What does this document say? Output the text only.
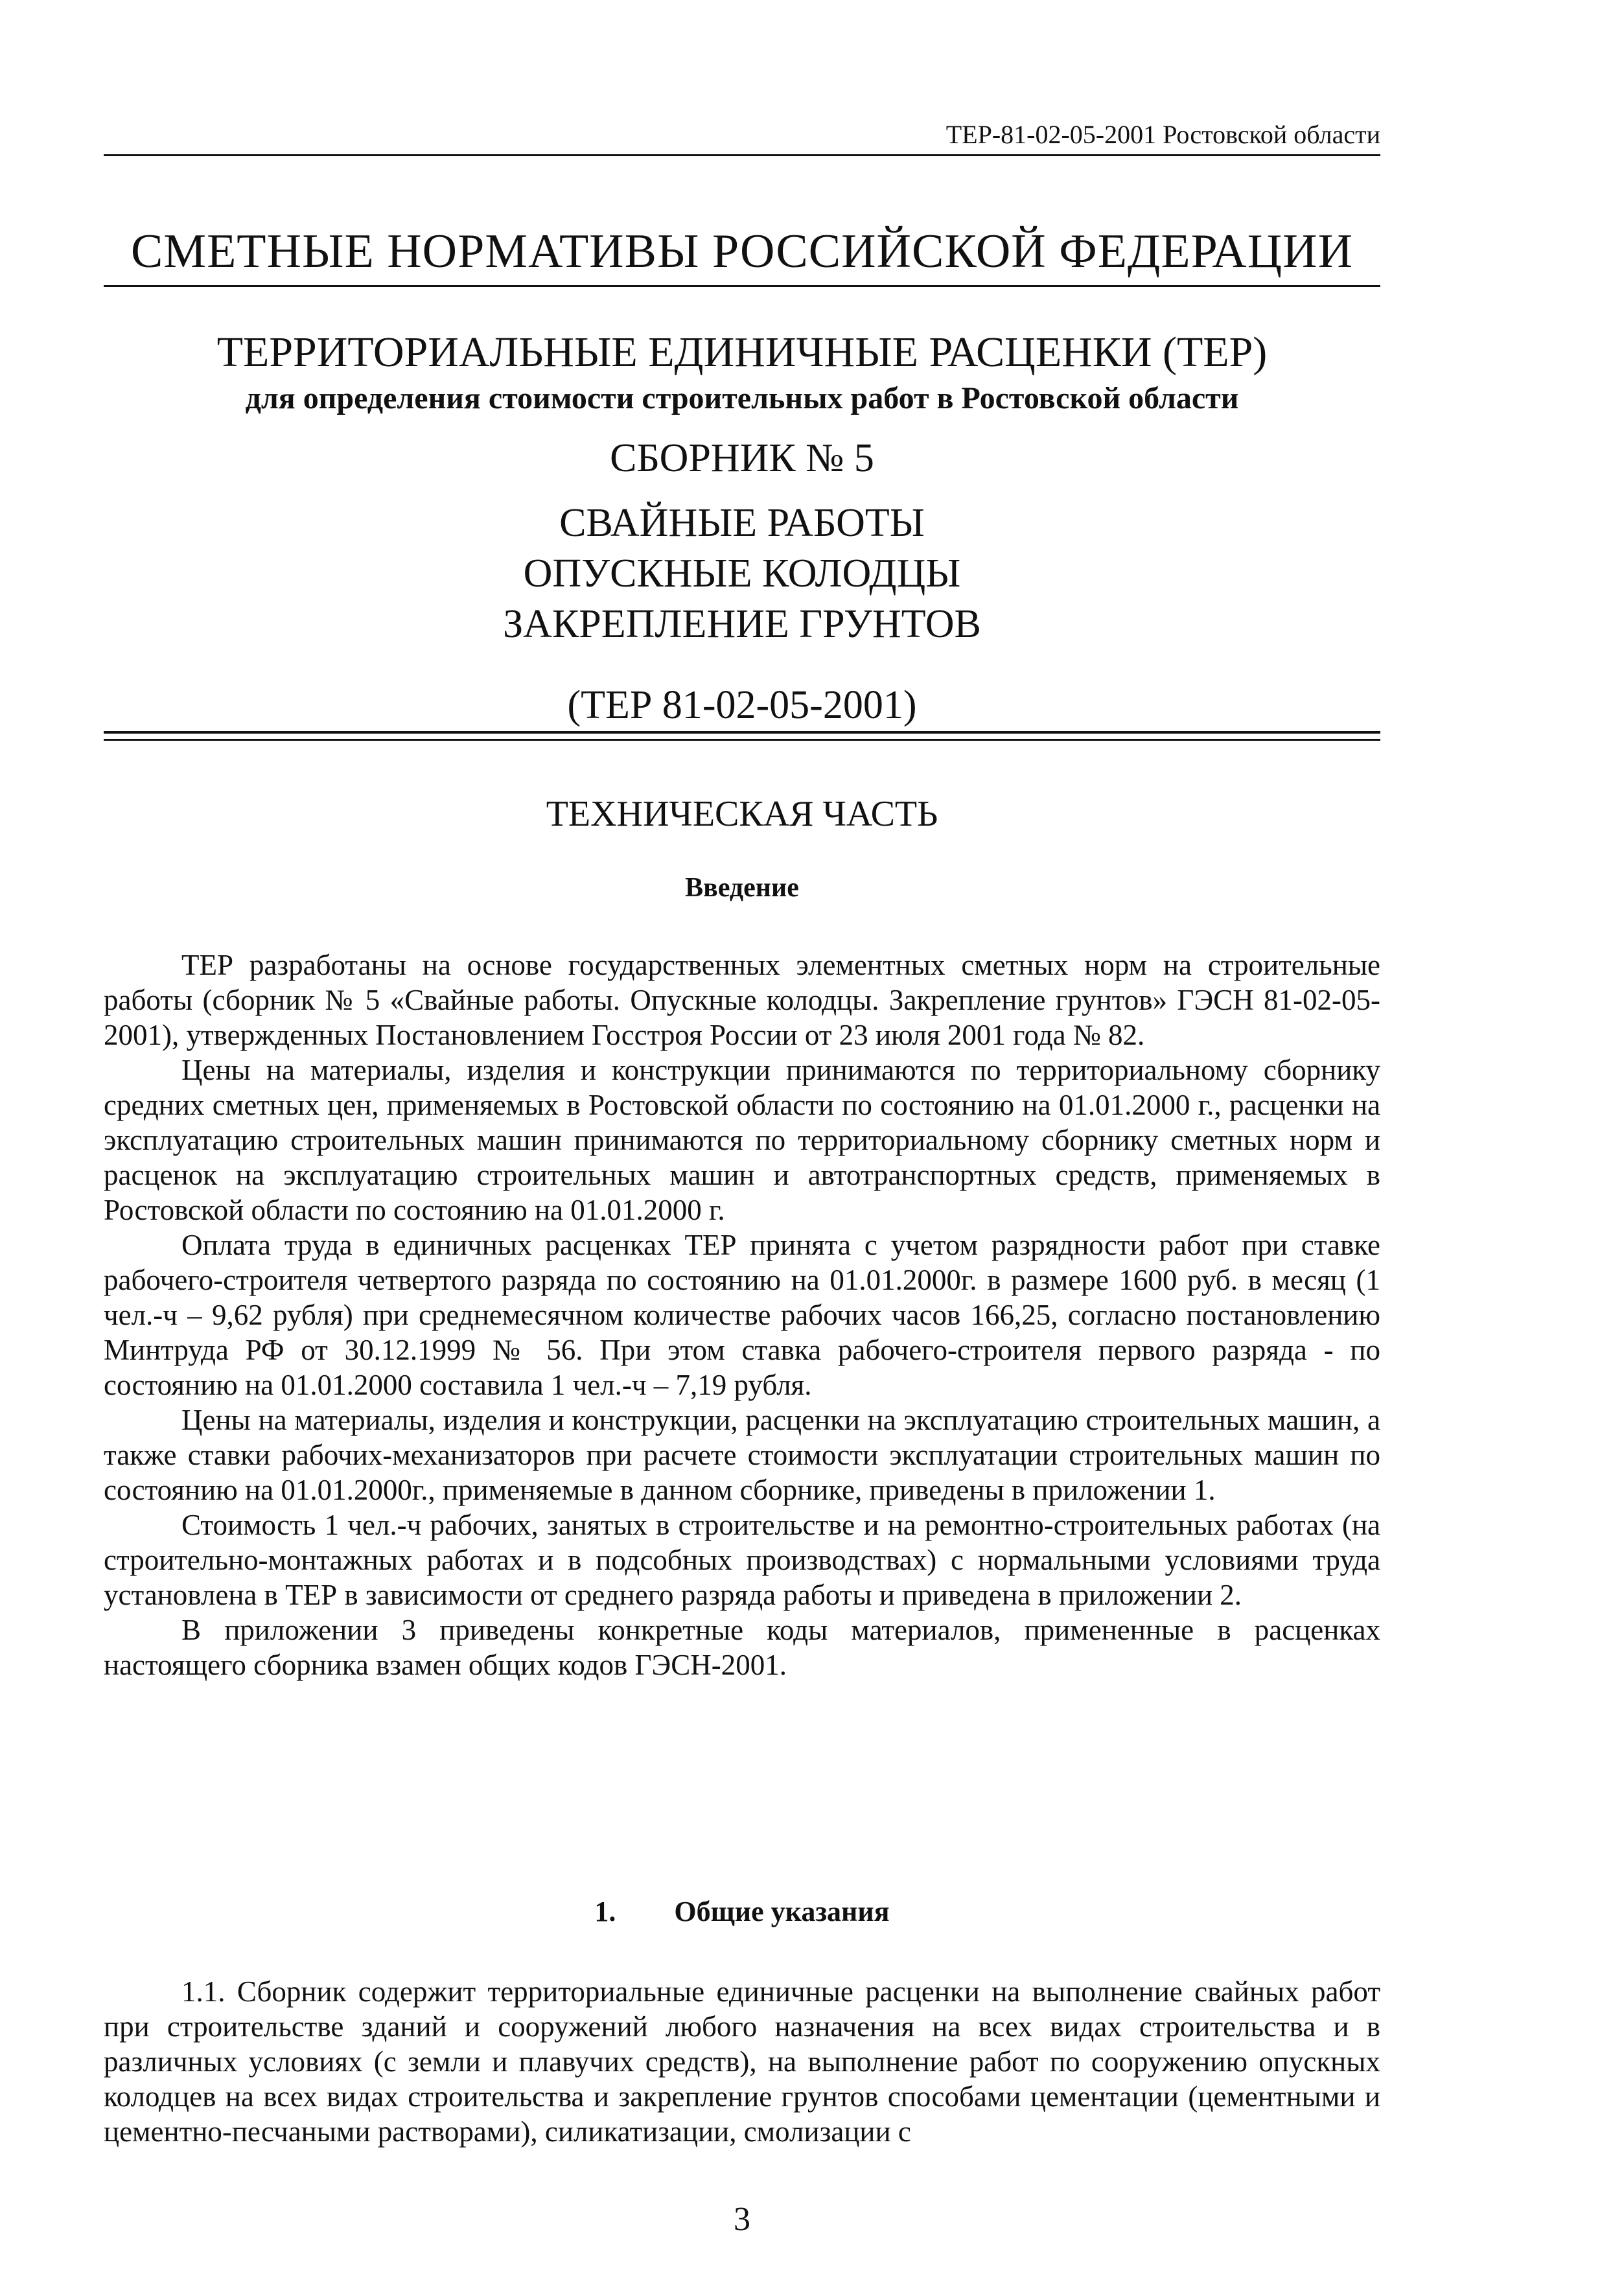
ТЕР-81-02-05-2001 Ростовской области
СМЕТНЫЕ НОРМАТИВЫ РОССИЙСКОЙ ФЕДЕРАЦИИ
ТЕРРИТОРИАЛЬНЫЕ ЕДИНИЧНЫЕ РАСЦЕНКИ (ТЕР)
для определения стоимости строительных работ в Ростовской области
СБОРНИК № 5
СВАЙНЫЕ РАБОТЫ
ОПУСКНЫЕ КОЛОДЦЫ
ЗАКРЕПЛЕНИЕ ГРУНТОВ
(ТЕР 81-02-05-2001)
ТЕХНИЧЕСКАЯ ЧАСТЬ
Введение

ТЕР разработаны на основе государственных элементных сметных норм на строительные работы (сборник № 5 «Свайные работы. Опускные колодцы. Закрепление грунтов» ГЭСН 81-02-05-2001), утвержденных Постановлением Госстроя России от 23 июля 2001 года № 82.

Цены на материалы, изделия и конструкции принимаются по территориальному сборнику средних сметных цен, применяемых в Ростовской области по состоянию на 01.01.2000 г., расценки на эксплуатацию строительных машин принимаются по территориальному сборнику сметных норм и расценок на эксплуатацию строительных машин и автотранспортных средств, применяемых в Ростовской области по состоянию на 01.01.2000 г.

Оплата труда в единичных расценках ТЕР принята с учетом разрядности работ при ставке рабочего-строителя четвертого разряда по состоянию на 01.01.2000г. в размере 1600 руб. в месяц (1 чел.-ч – 9,62 рубля) при среднемесячном количестве рабочих часов 166,25, согласно постановлению Минтруда РФ от 30.12.1999 № 56. При этом ставка рабочего-строителя первого разряда - по состоянию на 01.01.2000 составила 1 чел.-ч – 7,19 рубля.

Цены на материалы, изделия и конструкции, расценки на эксплуатацию строительных машин, а также ставки рабочих-механизаторов при расчете стоимости эксплуатации строительных машин по состоянию на 01.01.2000г., применяемые в данном сборнике, приведены в приложении 1.

Стоимость 1 чел.-ч рабочих, занятых в строительстве и на ремонтно-строительных работах (на строительно-монтажных работах и в подсобных производствах) с нормальными условиями труда установлена в ТЕР в зависимости от среднего разряда работы и приведена в приложении 2.

В приложении 3 приведены конкретные коды материалов, примененные в расценках настоящего сборника взамен общих кодов ГЭСН-2001.

1. Общие указания

1.1. Сборник содержит территориальные единичные расценки на выполнение свайных работ при строительстве зданий и сооружений любого назначения на всех видах строительства и в различных условиях (с земли и плавучих средств), на выполнение работ по сооружению опускных колодцев на всех видах строительства и закрепление грунтов способами цементации (цементными и цементно-песчаными растворами), силикатизации, смолизации с

3
